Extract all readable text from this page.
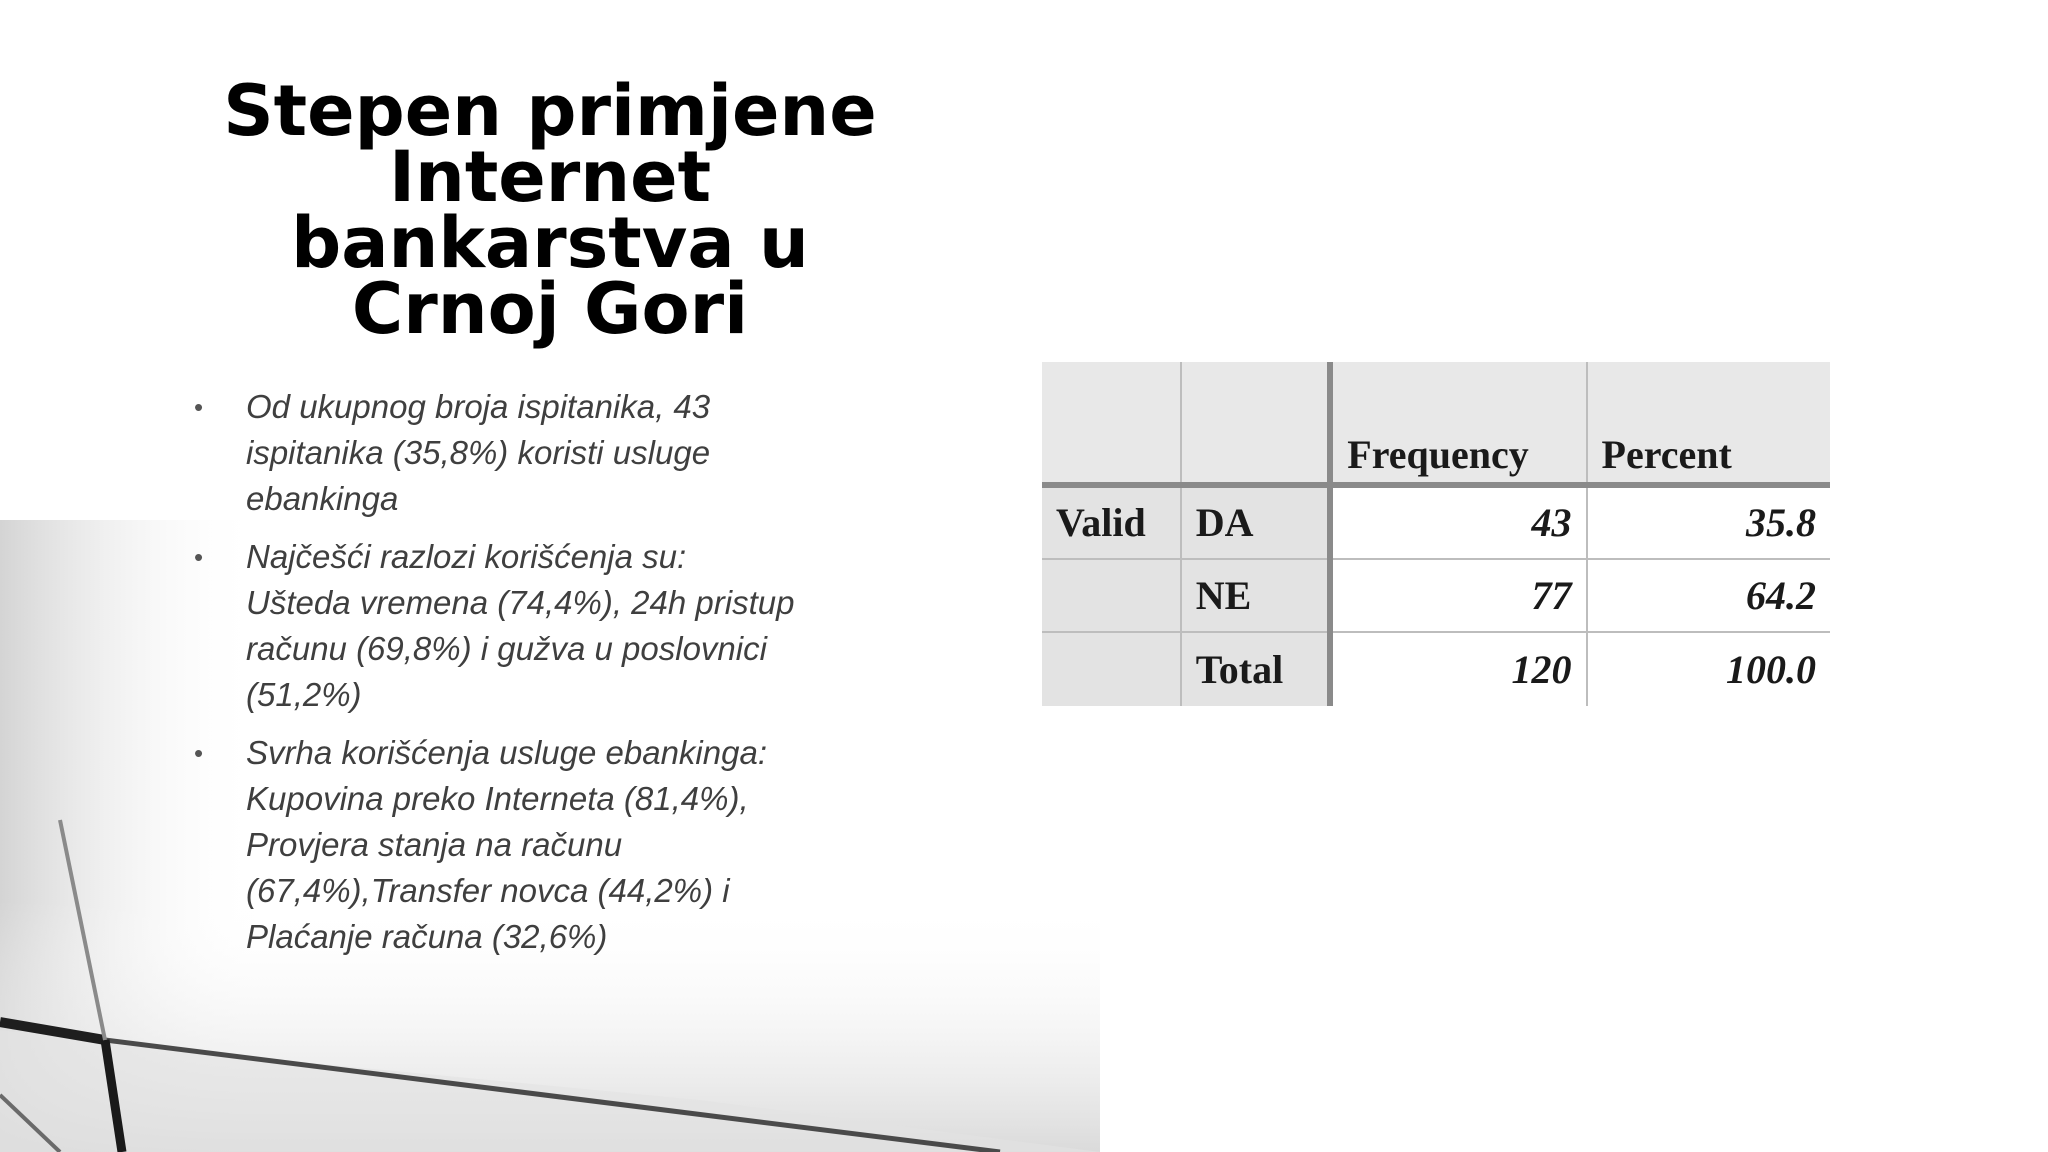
Stepen primjene
Internet
bankarstva u
Crnoj Gori
• Od ukupnog broja ispitanika, 43
ispitanika (35,8%) koristi usluge
ebankinga
• Najčešći razlozi korišćenja su:
Ušteda vremena (74,4%), 24h pristup
računu (69,8%) i gužva u poslovnici
(51,2%)
• Svrha korišćenja usluge ebankinga:
Kupovina preko Interneta (81,4%),
Provjera stanja na računu
(67,4%),Transfer novca (44,2%) i
Plaćanje računa (32,6%)
		Frequency	Percent
Valid	DA	43	35.8
	NE	77	64.2
	Total	120	100.0
